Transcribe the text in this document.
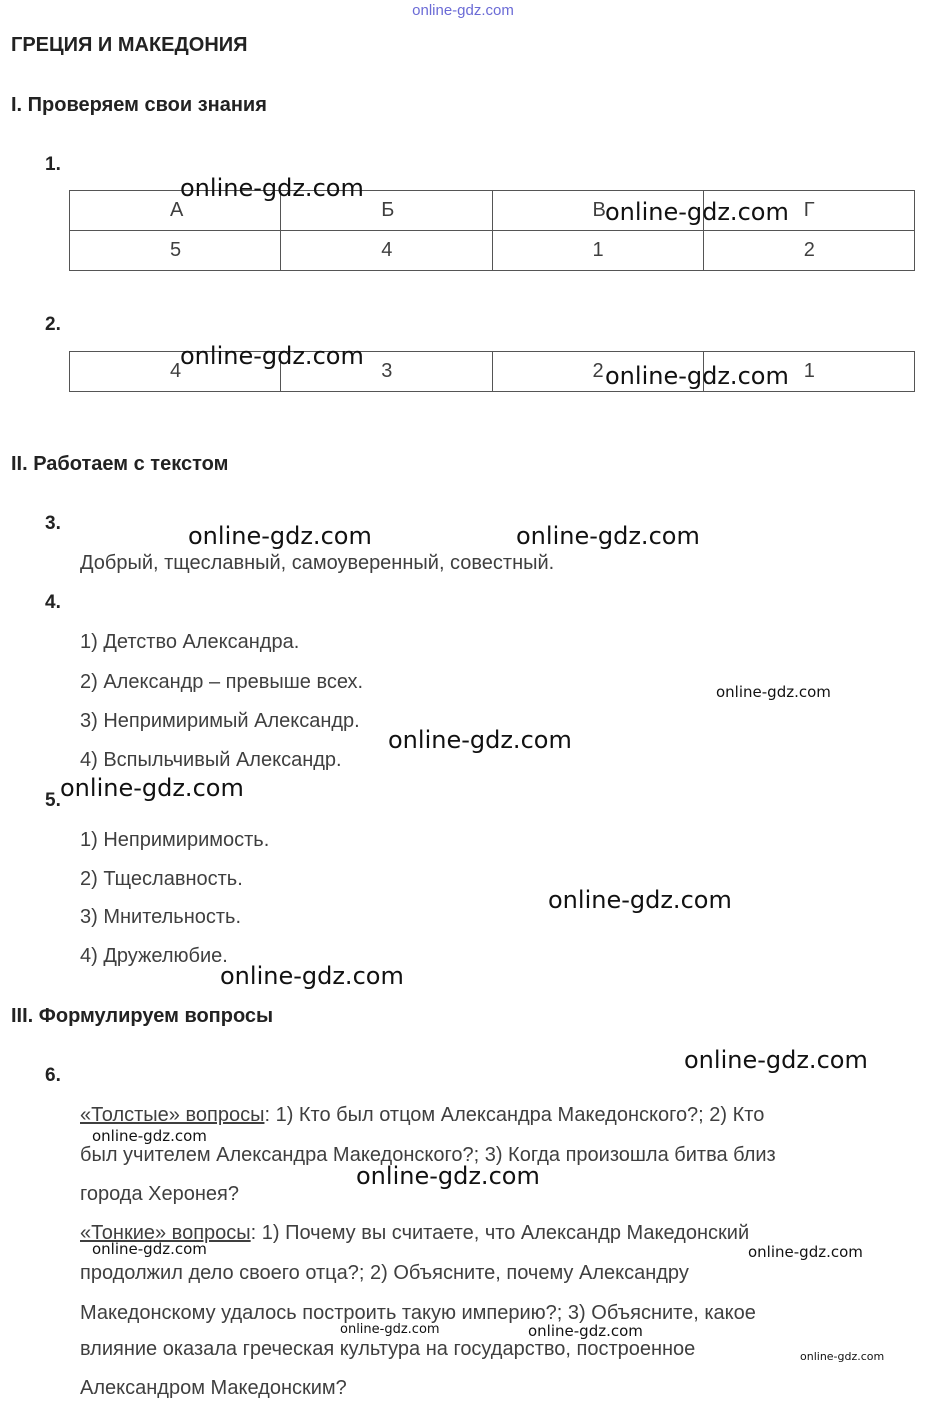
online-gdz.com
ГРЕЦИЯ И МАКЕДОНИЯ
I. Проверяем свои знания
1.
А	Б	В	Г
5	4	1	2
2.
4	3	2	1
II. Работаем с текстом
3.
Добрый, тщеславный, самоуверенный, совестный.
4.
1) Детство Александра.
2) Александр – превыше всех.
3) Непримиримый Александр.
4) Вспыльчивый Александр.
5.
1) Непримиримость.
2) Тщеславность.
3) Мнительность.
4) Дружелюбие.
III. Формулируем вопросы
6.
«Толстые» вопросы: 1) Кто был отцом Александра Македонского?; 2) Кто
был учителем Александра Македонского?; 3) Когда произошла битва близ
города Херонея?
«Тонкие» вопросы: 1) Почему вы считаете, что Александр Македонский
продолжил дело своего отца?; 2) Объясните, почему Александру
Македонскому удалось построить такую империю?; 3) Объясните, какое
влияние оказала греческая культура на государство, построенное
Александром Македонским?
online-gdz.com
online-gdz.com
online-gdz.com
online-gdz.com
online-gdz.com	online-gdz.com
online-gdz.com
online-gdz.com
online-gdz.com
online-gdz.com
online-gdz.com
online-gdz.com
online-gdz.com
online-gdz.com
online-gdz.com	online-gdz.com
online-gdz.com	online-gdz.com
online-gdz.com
